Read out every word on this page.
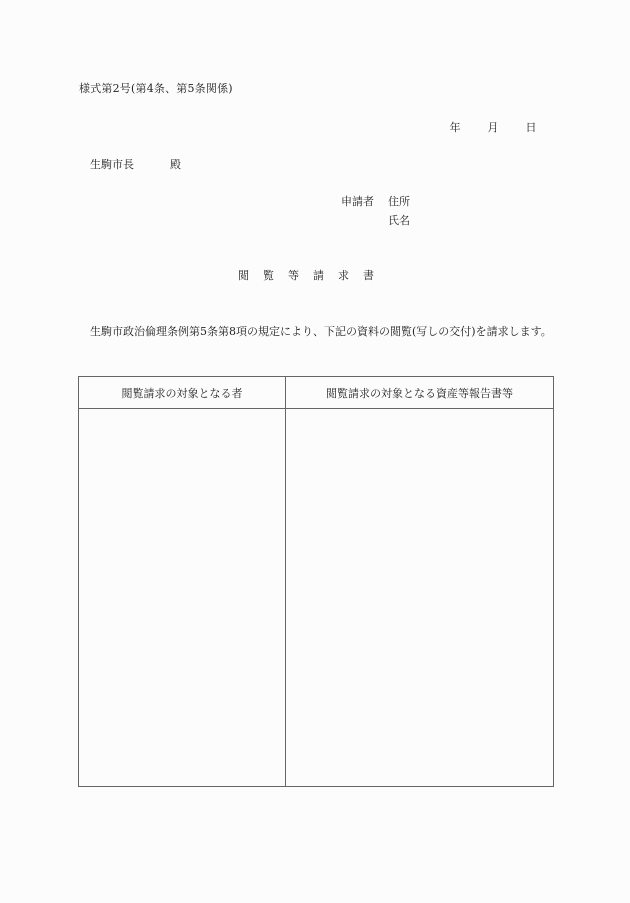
様式第2号(第4条、第5条関係)
年 月 日
生駒市長	殿
申請者 住所
氏名
閲覧等請求書
生駒市政治倫理条例第5条第8項の規定により、下記の資料の閲覧(写しの交付)を請求します。
閲覧請求の対象となる者	閲覧請求の対象となる資産等報告書等
